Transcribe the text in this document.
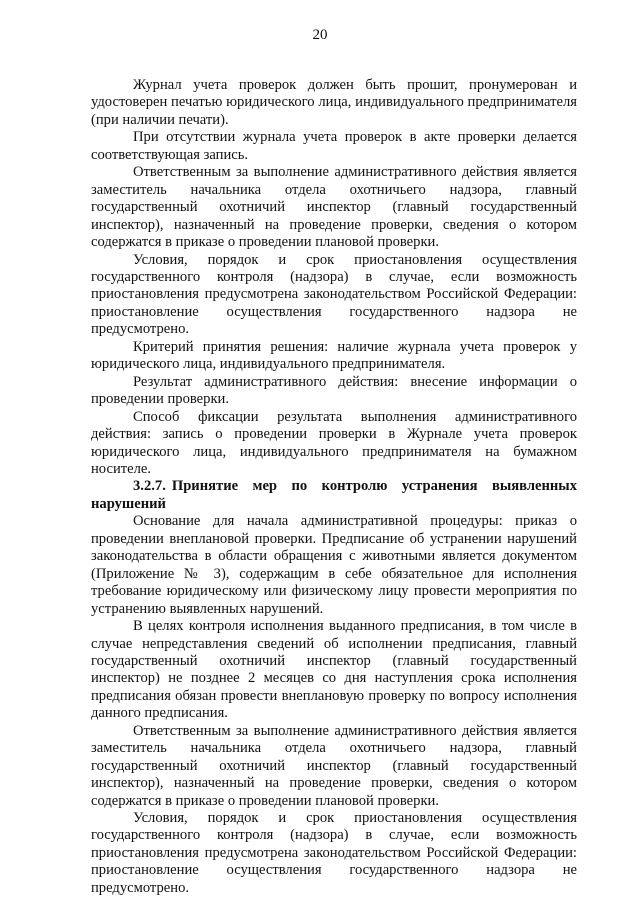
20

Журнал учета проверок должен быть прошит, пронумерован и удостоверен печатью юридического лица, индивидуального предпринимателя (при наличии печати).

При отсутствии журнала учета проверок в акте проверки делается соответствующая запись.

Ответственным за выполнение административного действия является заместитель начальника отдела охотничьего надзора, главный государственный охотничий инспектор (главный государственный инспектор), назначенный на проведение проверки, сведения о котором содержатся в приказе о проведении плановой проверки.

Условия, порядок и срок приостановления осуществления государственного контроля (надзора) в случае, если возможность приостановления предусмотрена законодательством Российской Федерации: приостановление осуществления государственного надзора не предусмотрено.

Критерий принятия решения: наличие журнала учета проверок у юридического лица, индивидуального предпринимателя.

Результат административного действия: внесение информации о проведении проверки.

Способ фиксации результата выполнения административного действия: запись о проведении проверки в Журнале учета проверок юридического лица, индивидуального предпринимателя на бумажном носителе.

3.2.7. Принятие мер по контролю устранения выявленных нарушений

Основание для начала административной процедуры: приказ о проведении внеплановой проверки. Предписание об устранении нарушений законодательства в области обращения с животными является документом (Приложение № 3), содержащим в себе обязательное для исполнения требование юридическому или физическому лицу провести мероприятия по устранению выявленных нарушений.

В целях контроля исполнения выданного предписания, в том числе в случае непредставления сведений об исполнении предписания, главный государственный охотничий инспектор (главный государственный инспектор) не позднее 2 месяцев со дня наступления срока исполнения предписания обязан провести внеплановую проверку по вопросу исполнения данного предписания.

Ответственным за выполнение административного действия является заместитель начальника отдела охотничьего надзора, главный государственный охотничий инспектор (главный государственный инспектор), назначенный на проведение проверки, сведения о котором содержатся в приказе о проведении плановой проверки.

Условия, порядок и срок приостановления осуществления государственного контроля (надзора) в случае, если возможность приостановления предусмотрена законодательством Российской Федерации: приостановление осуществления государственного надзора не предусмотрено.
